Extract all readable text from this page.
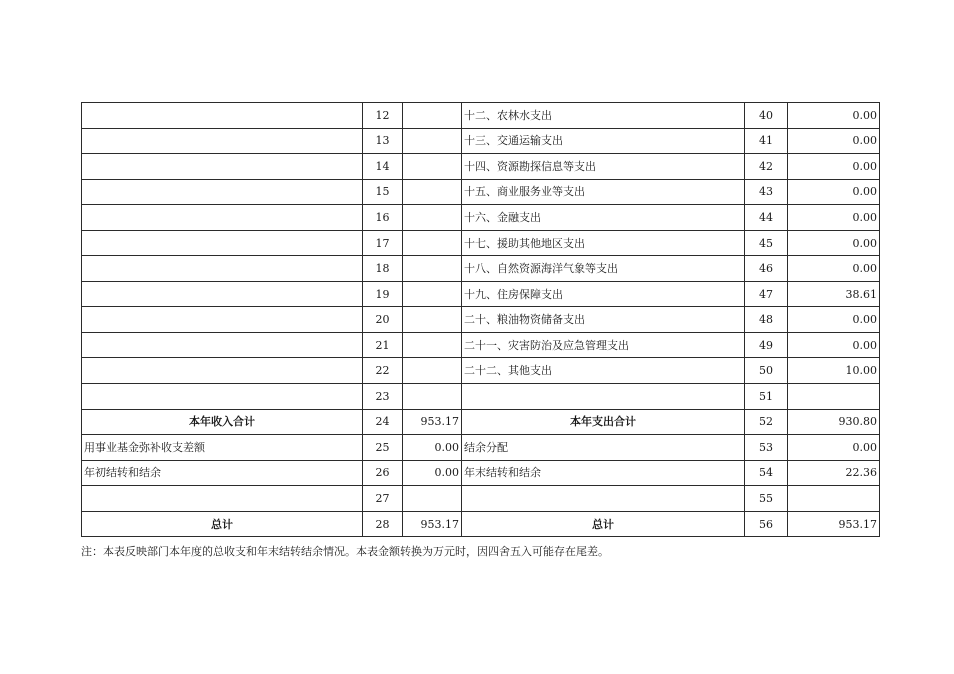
	12		十二、农林水支出	40	0.00
	13		十三、交通运输支出	41	0.00
	14		十四、资源勘探信息等支出	42	0.00
	15		十五、商业服务业等支出	43	0.00
	16		十六、金融支出	44	0.00
	17		十七、援助其他地区支出	45	0.00
	18		十八、自然资源海洋气象等支出	46	0.00
	19		十九、住房保障支出	47	38.61
	20		二十、粮油物资储备支出	48	0.00
	21		二十一、灾害防治及应急管理支出	49	0.00
	22		二十二、其他支出	50	10.00
	23			51	
本年收入合计	24	953.17	本年支出合计	52	930.80
用事业基金弥补收支差额	25	0.00	结余分配	53	0.00
年初结转和结余	26	0.00	年末结转和结余	54	22.36
	27			55	
总计	28	953.17	总计	56	953.17
注：本表反映部门本年度的总收支和年末结转结余情况。本表金额转换为万元时，因四舍五入可能存在尾差。
